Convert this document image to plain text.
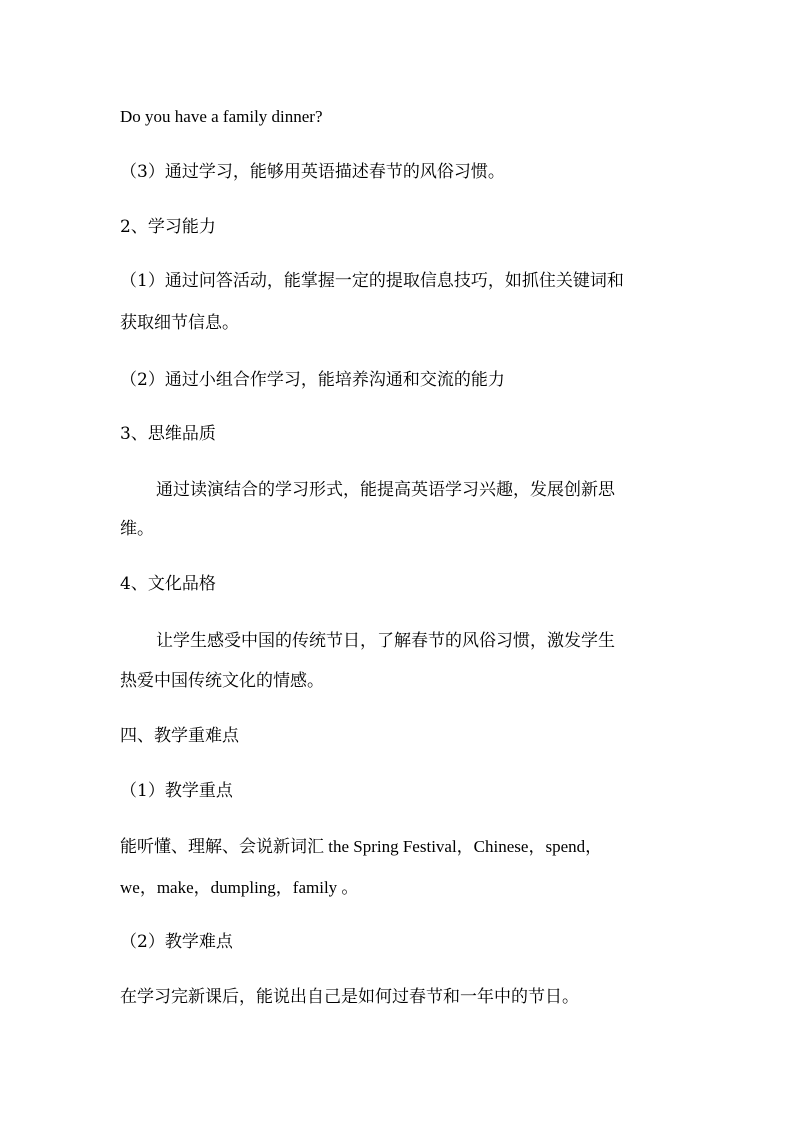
Do you have a family dinner?
（3）通过学习，能够用英语描述春节的风俗习惯。
2、学习能力
（1）通过问答活动，能掌握一定的提取信息技巧，如抓住关键词和
获取细节信息。
（2）通过小组合作学习，能培养沟通和交流的能力
3、思维品质
通过读演结合的学习形式，能提高英语学习兴趣，发展创新思
维。
4、文化品格
让学生感受中国的传统节日，了解春节的风俗习惯，激发学生
热爱中国传统文化的情感。
四、教学重难点
（1）教学重点
能听懂、理解、会说新词汇 the Spring Festival，Chinese，spend，
we，make，dumpling，family 。
（2）教学难点
在学习完新课后，能说出自己是如何过春节和一年中的节日。
